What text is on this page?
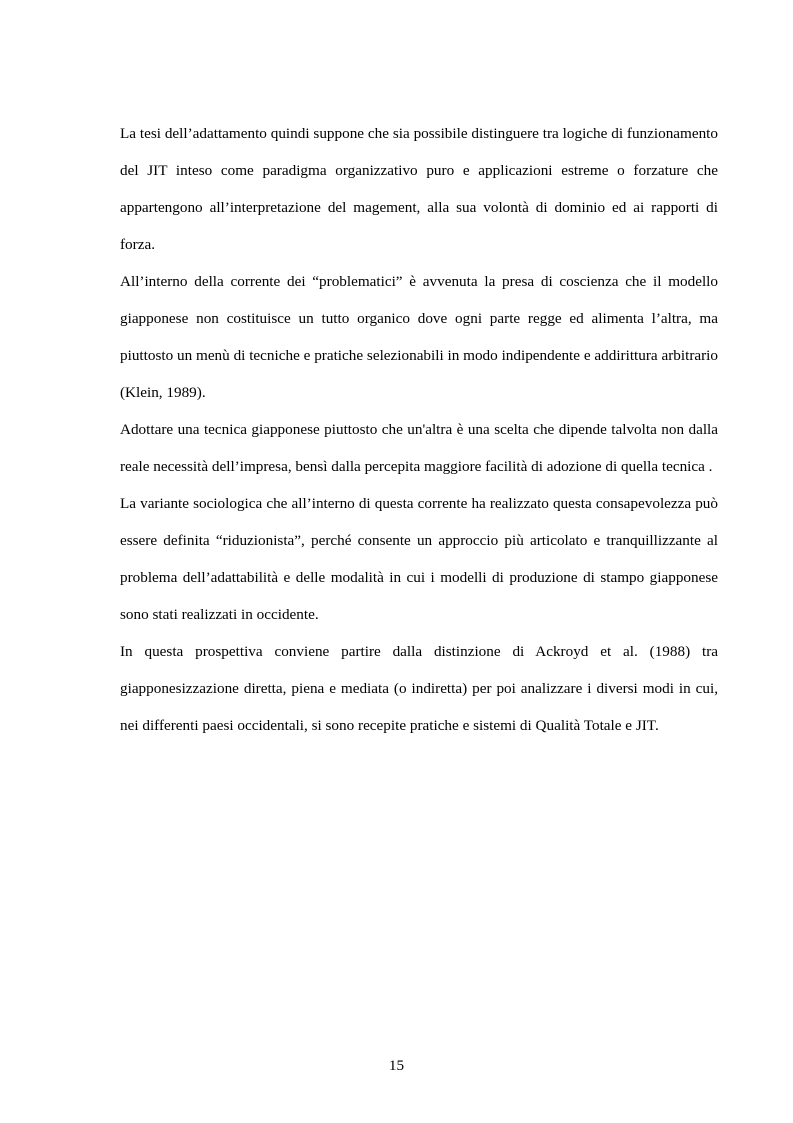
La tesi dell’adattamento quindi suppone che sia possibile distinguere tra logiche di funzionamento del JIT inteso come paradigma organizzativo puro e applicazioni estreme o forzature che appartengono all’interpretazione del magement, alla sua volontà di dominio ed ai rapporti di forza.

All’interno della corrente dei “problematici” è avvenuta la presa di coscienza che il modello giapponese non costituisce un tutto organico dove ogni parte regge ed alimenta l’altra, ma piuttosto un menù di tecniche e pratiche selezionabili in modo indipendente e addirittura arbitrario (Klein, 1989).

Adottare una tecnica giapponese piuttosto che un'altra è una scelta che dipende talvolta non dalla reale necessità dell’impresa, bensì dalla percepita maggiore facilità di adozione di quella tecnica .

La variante sociologica che all’interno di questa corrente ha realizzato questa consapevolezza può essere definita “riduzionista”, perché consente un approccio più articolato e tranquillizzante al problema dell’adattabilità e delle modalità in cui i modelli di produzione di stampo giapponese sono stati realizzati in occidente.

In questa prospettiva conviene partire dalla distinzione di Ackroyd et al. (1988) tra giapponesizzazione diretta, piena e mediata (o indiretta) per poi analizzare i diversi modi in cui, nei differenti paesi occidentali, si sono recepite pratiche e sistemi di Qualità Totale e JIT.

15
